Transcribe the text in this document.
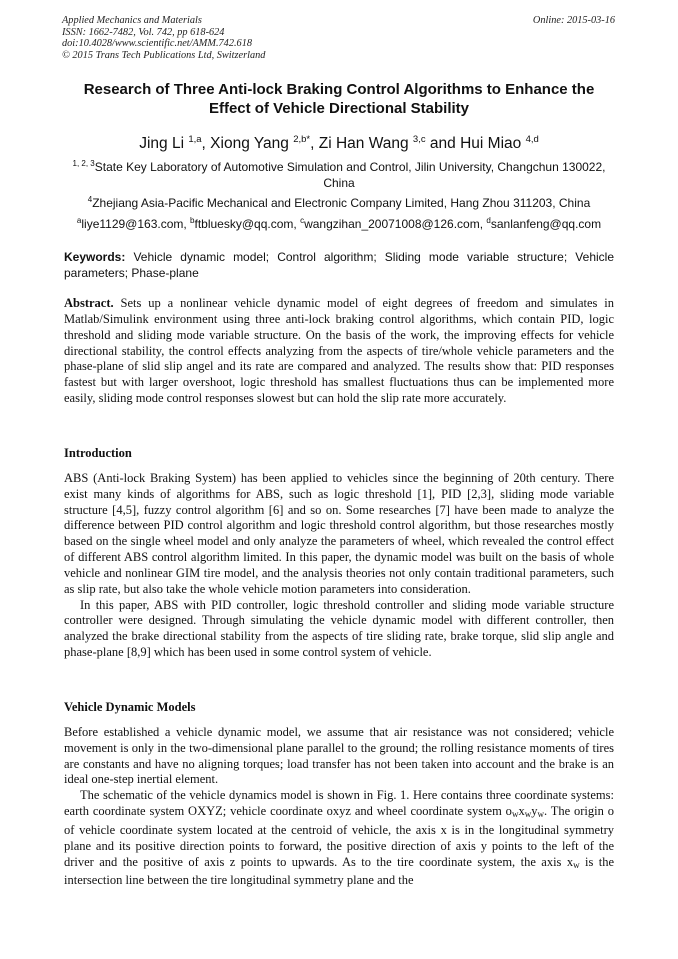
Applied Mechanics and Materials
ISSN: 1662-7482, Vol. 742, pp 618-624
doi:10.4028/www.scientific.net/AMM.742.618
© 2015 Trans Tech Publications Ltd, Switzerland
Online: 2015-03-16
Research of Three Anti-lock Braking Control Algorithms to Enhance the
Effect of Vehicle Directional Stability
Jing Li $^{1,a}$, Xiong Yang $^{2,b*}$, Zi Han Wang $^{3,c}$ and Hui Miao $^{4,d}$
$^{1, 2, 3}$State Key Laboratory of Automotive Simulation and Control, Jilin University, Changchun 130022,
China
$^4$Zhejiang Asia-Pacific Mechanical and Electronic Company Limited, Hang Zhou 311203, China
$^a$liye1129@163.com, $^b$ftbluesky@qq.com, $^c$wangzihan_20071008@126.com, $^d$sanlanfeng@qq.com
Keywords: Vehicle dynamic model; Control algorithm; Sliding mode variable structure; Vehicle parameters; Phase-plane

Abstract. Sets up a nonlinear vehicle dynamic model of eight degrees of freedom and simulates in Matlab/Simulink environment using three anti-lock braking control algorithms, which contain PID, logic threshold and sliding mode variable structure. On the basis of the work, the improving effects for vehicle directional stability, the control effects analyzing from the aspects of tire/whole vehicle parameters and the phase-plane of slid slip angel and its rate are compared and analyzed. The results show that: PID responses fastest but with larger overshoot, logic threshold has smallest fluctuations thus can be implemented more easily, sliding mode control responses slowest but can hold the slip rate more accurately.

Introduction

ABS (Anti-lock Braking System) has been applied to vehicles since the beginning of 20th century. There exist many kinds of algorithms for ABS, such as logic threshold [1], PID [2,3], sliding mode variable structure [4,5], fuzzy control algorithm [6] and so on. Some researches [7] have been made to analyze the difference between PID control algorithm and logic threshold control algorithm, but those researches mostly based on the single wheel model and only analyze the parameters of wheel, which revealed the control effect of different ABS control algorithm limited. In this paper, the dynamic model was built on the basis of whole vehicle and nonlinear GIM tire model, and the analysis theories not only contain traditional parameters, such as slip rate, but also take the whole vehicle motion parameters into consideration.

In this paper, ABS with PID controller, logic threshold controller and sliding mode variable structure controller were designed. Through simulating the vehicle dynamic model with different controller, then analyzed the brake directional stability from the aspects of tire sliding rate, brake torque, slid slip angle and phase-plane [8,9] which has been used in some control system of vehicle.

Vehicle Dynamic Models

Before established a vehicle dynamic model, we assume that air resistance was not considered; vehicle movement is only in the two-dimensional plane parallel to the ground; the rolling resistance moments of tires are constants and have no aligning torques; load transfer has not been taken into account and the brake is an ideal one-step inertial element.

The schematic of the vehicle dynamics model is shown in Fig. 1. Here contains three coordinate systems: earth coordinate system OXYZ; vehicle coordinate oxyz and wheel coordinate system $o_wx_wy_w$. The origin o of vehicle coordinate system located at the centroid of vehicle, the axis x is in the longitudinal symmetry plane and its positive direction points to forward, the positive direction of axis y points to the left of the driver and the positive of axis z points to upwards. As to the tire coordinate system, the axis $x_w$ is the intersection line between the tire longitudinal symmetry plane and the
